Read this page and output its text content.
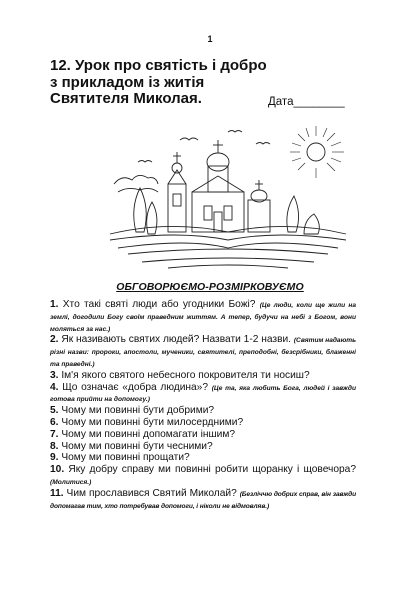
1
12. Урок про святість і добро
з прикладом із житія
Святителя Миколая.	Дата________
ОБГОВОРЮЄМО-РОЗМІРКОВУЄМО

1. Хто такі святі люди або угодники Божі? (Це люди, коли ще жили на землі, догодили Богу своїм праведним життям. А тепер, будучи на небі з Богом, вони моляться за нас.)

2. Як називають святих людей? Назвати 1-2 назви. (Святим надають різні назви: пророки, апостоли, мученики, святителі, преподобні, безсрібники, блаженні та праведні.)

3. Ім'я якого святого небесного покровителя ти носиш?

4. Що означає «добра людина»? (Це та, яка любить Бога, людей і завжди готова прийти на допомогу.)

5. Чому ми повинні бути добрими?

6. Чому ми повинні бути милосердними?

7. Чому ми повинні допомагати іншим?

8. Чому ми повинні бути чесними?

9. Чому ми повинні прощати?

10. Яку добру справу ми повинні робити щоранку і щовечора? (Молитися.)

11. Чим прославився Святий Миколай? (Безліччю добрих справ, він завжди допомагав тим, хто потребував допомоги, і ніколи не відмовляв.)
